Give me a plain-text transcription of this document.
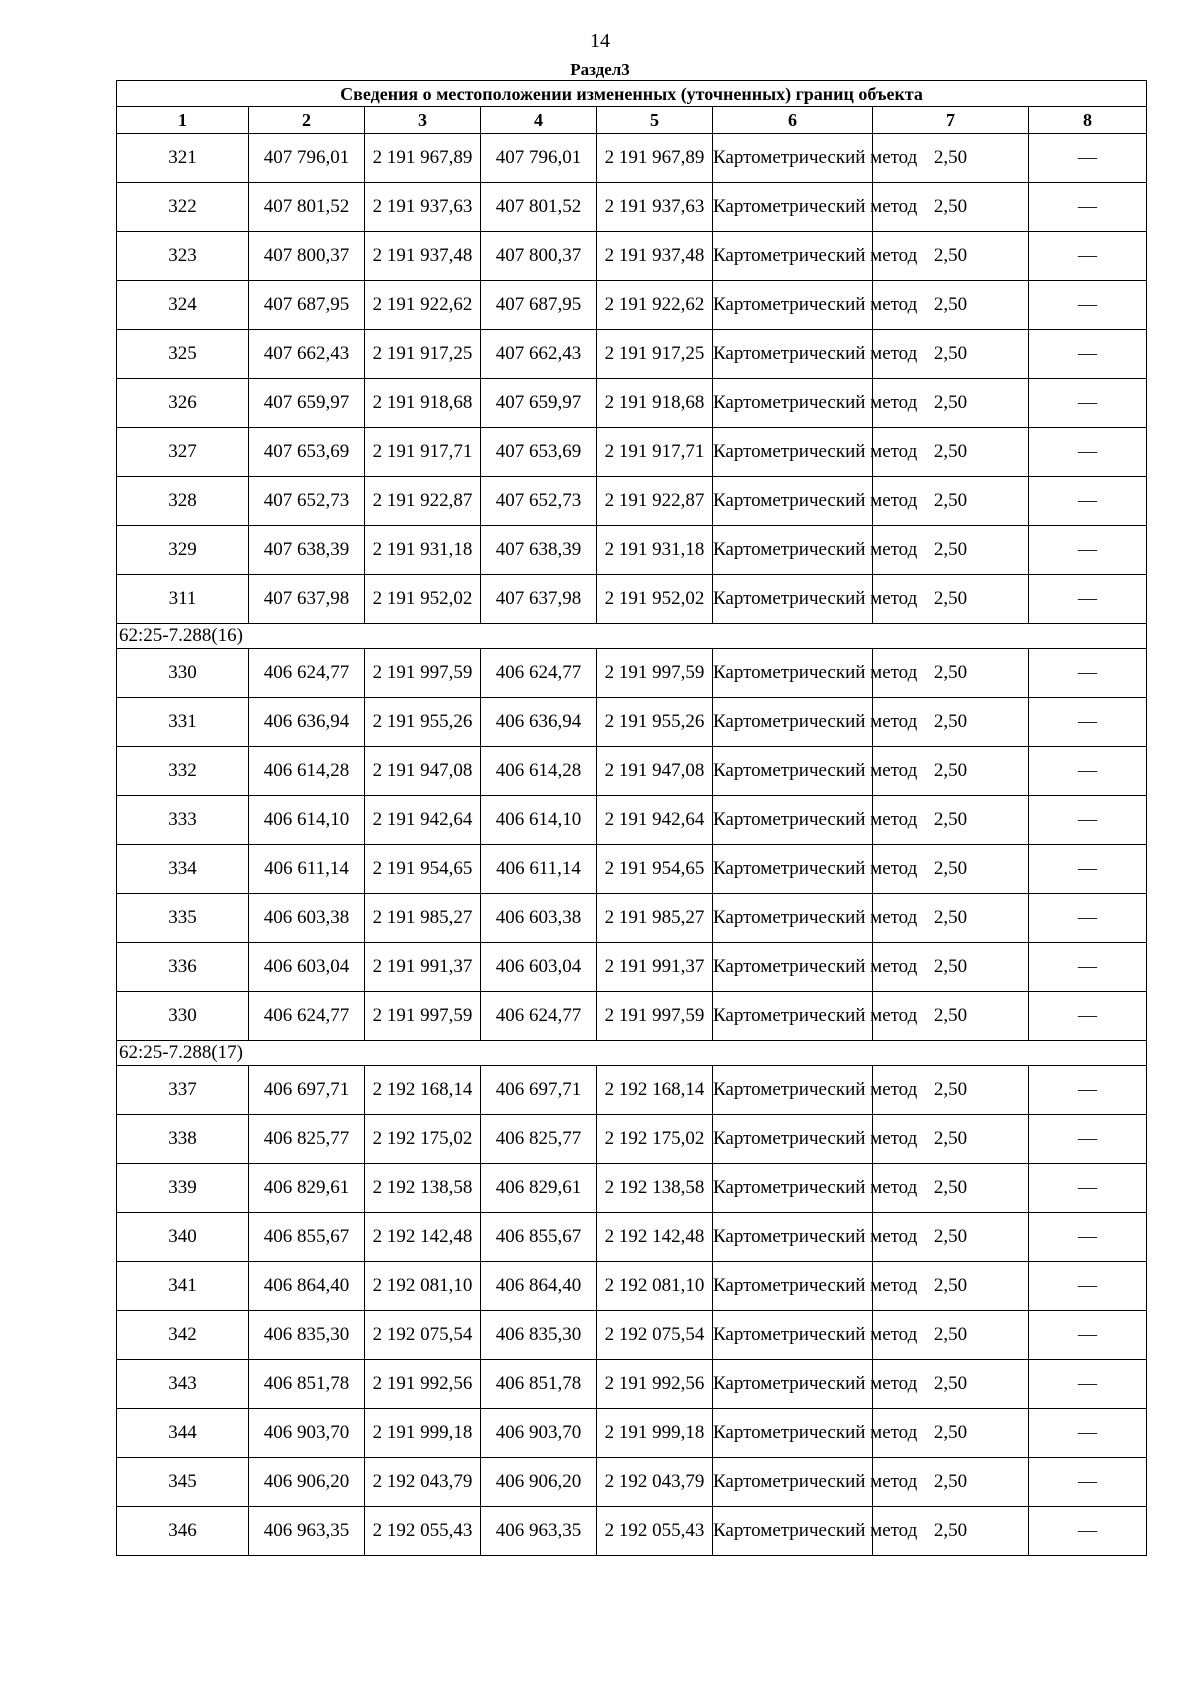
14
Раздел3
Сведения о местоположении измененных (уточненных) границ объекта							
1	2	3	4	5	6	7	8
321	407 796,01	2 191 967,89	407 796,01	2 191 967,89	Картометрический метод	2,50	—
322	407 801,52	2 191 937,63	407 801,52	2 191 937,63	Картометрический метод	2,50	—
323	407 800,37	2 191 937,48	407 800,37	2 191 937,48	Картометрический метод	2,50	—
324	407 687,95	2 191 922,62	407 687,95	2 191 922,62	Картометрический метод	2,50	—
325	407 662,43	2 191 917,25	407 662,43	2 191 917,25	Картометрический метод	2,50	—
326	407 659,97	2 191 918,68	407 659,97	2 191 918,68	Картометрический метод	2,50	—
327	407 653,69	2 191 917,71	407 653,69	2 191 917,71	Картометрический метод	2,50	—
328	407 652,73	2 191 922,87	407 652,73	2 191 922,87	Картометрический метод	2,50	—
329	407 638,39	2 191 931,18	407 638,39	2 191 931,18	Картометрический метод	2,50	—
311	407 637,98	2 191 952,02	407 637,98	2 191 952,02	Картометрический метод	2,50	—
62:25-7.288(16)							
330	406 624,77	2 191 997,59	406 624,77	2 191 997,59	Картометрический метод	2,50	—
331	406 636,94	2 191 955,26	406 636,94	2 191 955,26	Картометрический метод	2,50	—
332	406 614,28	2 191 947,08	406 614,28	2 191 947,08	Картометрический метод	2,50	—
333	406 614,10	2 191 942,64	406 614,10	2 191 942,64	Картометрический метод	2,50	—
334	406 611,14	2 191 954,65	406 611,14	2 191 954,65	Картометрический метод	2,50	—
335	406 603,38	2 191 985,27	406 603,38	2 191 985,27	Картометрический метод	2,50	—
336	406 603,04	2 191 991,37	406 603,04	2 191 991,37	Картометрический метод	2,50	—
330	406 624,77	2 191 997,59	406 624,77	2 191 997,59	Картометрический метод	2,50	—
62:25-7.288(17)							
337	406 697,71	2 192 168,14	406 697,71	2 192 168,14	Картометрический метод	2,50	—
338	406 825,77	2 192 175,02	406 825,77	2 192 175,02	Картометрический метод	2,50	—
339	406 829,61	2 192 138,58	406 829,61	2 192 138,58	Картометрический метод	2,50	—
340	406 855,67	2 192 142,48	406 855,67	2 192 142,48	Картометрический метод	2,50	—
341	406 864,40	2 192 081,10	406 864,40	2 192 081,10	Картометрический метод	2,50	—
342	406 835,30	2 192 075,54	406 835,30	2 192 075,54	Картометрический метод	2,50	—
343	406 851,78	2 191 992,56	406 851,78	2 191 992,56	Картометрический метод	2,50	—
344	406 903,70	2 191 999,18	406 903,70	2 191 999,18	Картометрический метод	2,50	—
345	406 906,20	2 192 043,79	406 906,20	2 192 043,79	Картометрический метод	2,50	—
346	406 963,35	2 192 055,43	406 963,35	2 192 055,43	Картометрический метод	2,50	—
